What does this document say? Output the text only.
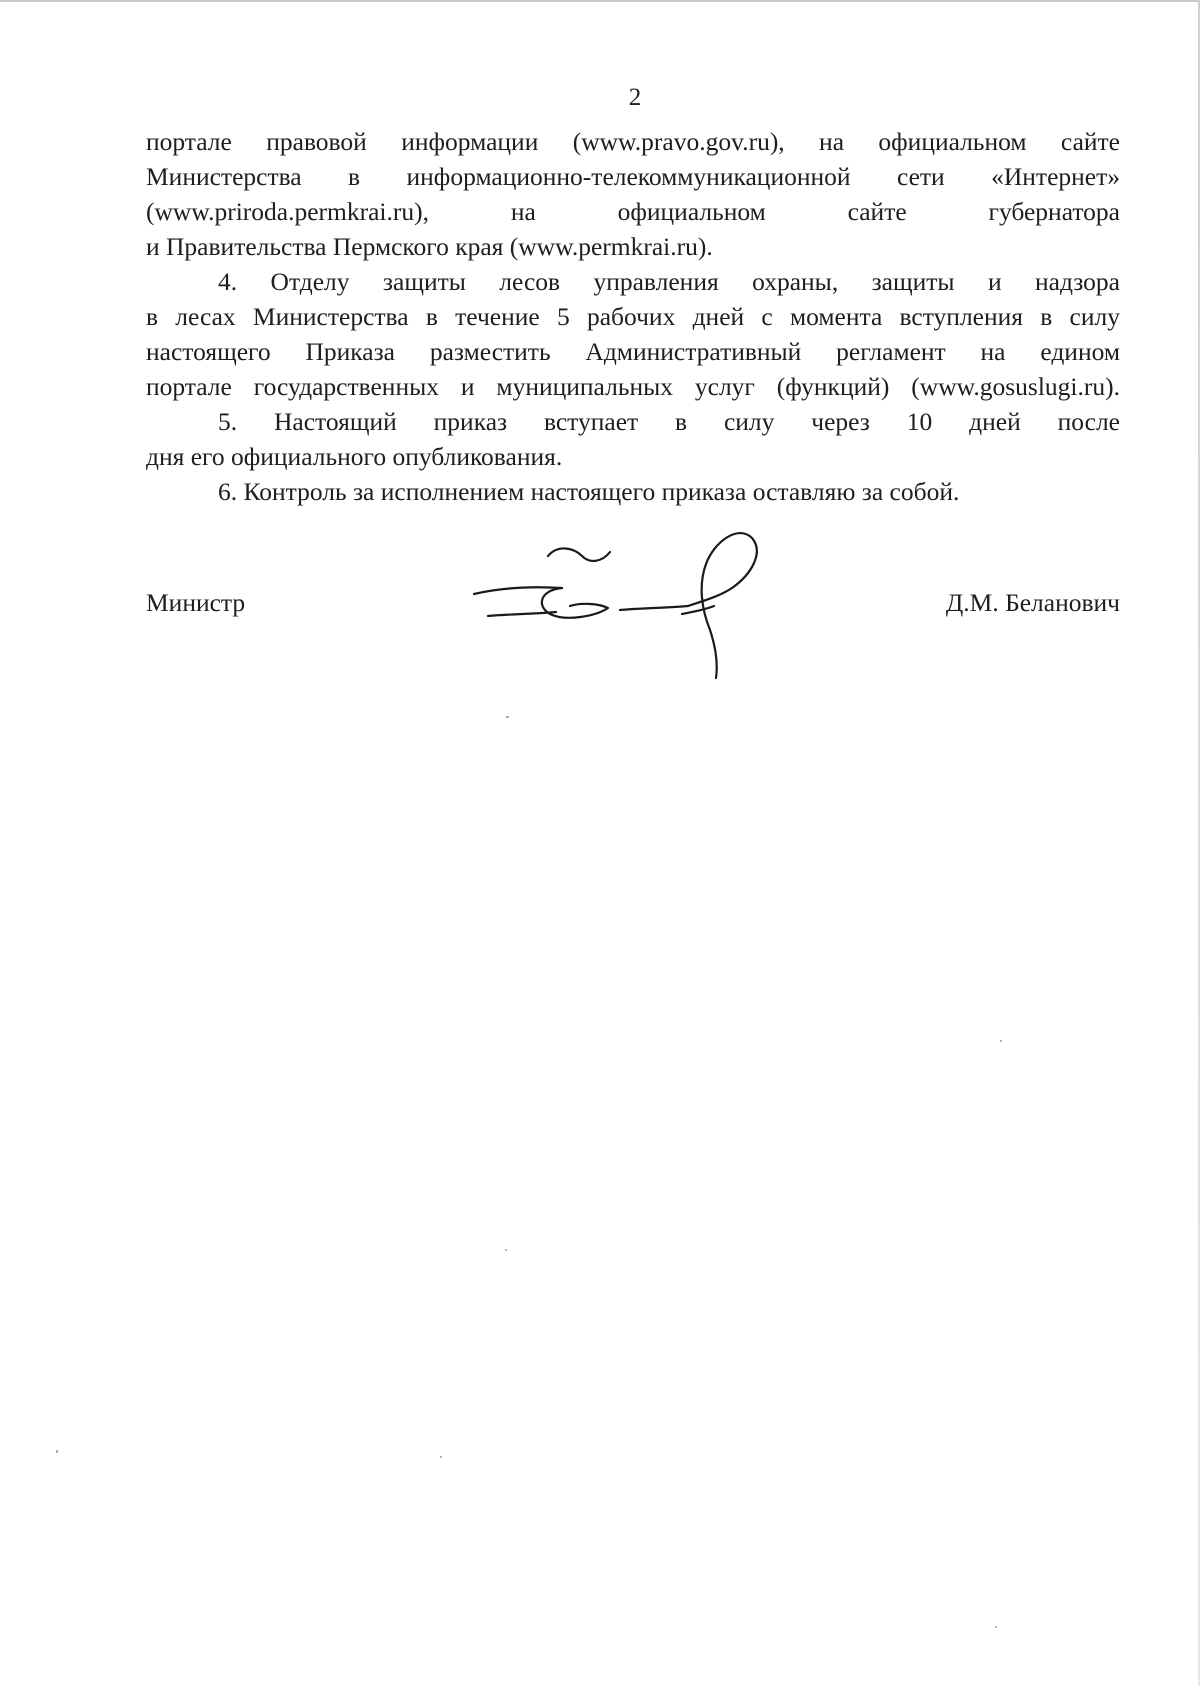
2

портале правовой информации (www.pravo.gov.ru), на официальном сайте
Министерства в информационно-телекоммуникационной сети «Интернет»
(www.priroda.permkrai.ru), на официальном сайте губернатора
и Правительства Пермского края (www.permkrai.ru).

4. Отделу защиты лесов управления охраны, защиты и надзора
в лесах Министерства в течение 5 рабочих дней с момента вступления в силу
настоящего Приказа разместить Административный регламент на едином
портале государственных и муниципальных услуг (функций) (www.gosuslugi.ru).

5. Настоящий приказ вступает в силу через 10 дней после
дня его официального опубликования.

6. Контроль за исполнением настоящего приказа оставляю за собой.

Министр	Д.М. Беланович
